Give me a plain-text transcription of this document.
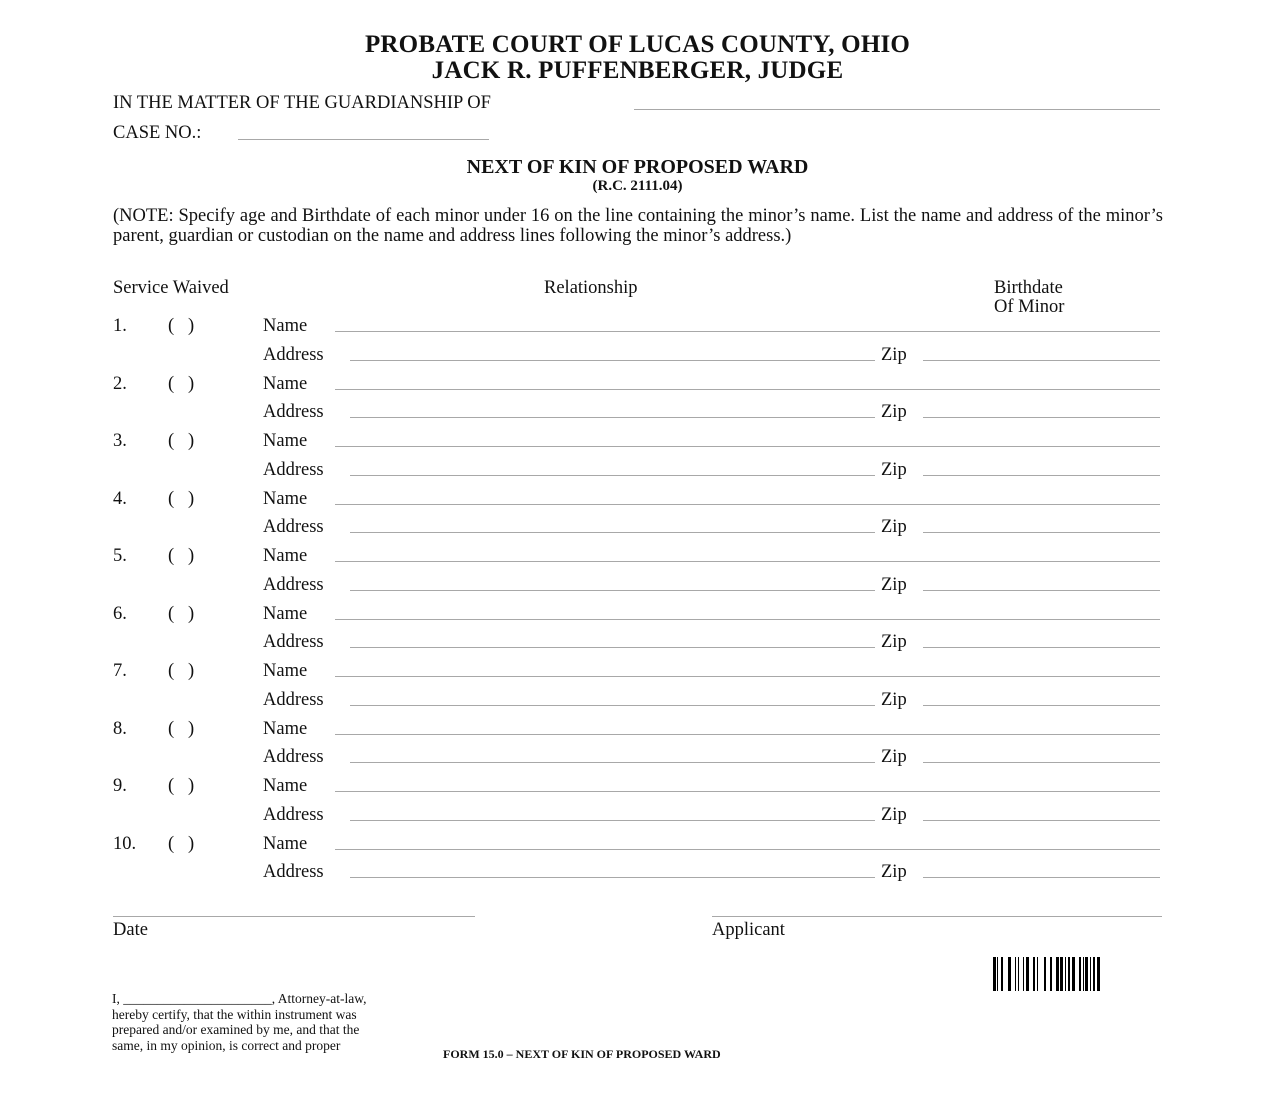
PROBATE COURT OF LUCAS COUNTY, OHIO
JACK R. PUFFENBERGER, JUDGE
IN THE MATTER OF THE GUARDIANSHIP OF
CASE NO.:
NEXT OF KIN OF PROPOSED WARD
(R.C. 2111.04)
(NOTE: Specify age and Birthdate of each minor under 16 on the line containing the minor’s name. List the name and address of the minor’s parent, guardian or custodian on the name and address lines following the minor’s address.)
Service Waived	Relationship	Birthdate
Of Minor
1. (   )	Name
Address	Zip
2. (   )	Name
Address	Zip
3. (   )	Name
Address	Zip
4. (   )	Name
Address	Zip
5. (   )	Name
Address	Zip
6. (   )	Name
Address	Zip
7. (   )	Name
Address	Zip
8. (   )	Name
Address	Zip
9. (   )	Name
Address	Zip
10. (   )	Name
Address	Zip
Date	Applicant
I, ______________________, Attorney-at-law,
hereby certify, that the within instrument was
prepared and/or examined by me, and that the
same, in my opinion, is correct and proper
FORM 15.0 – NEXT OF KIN OF PROPOSED WARD
